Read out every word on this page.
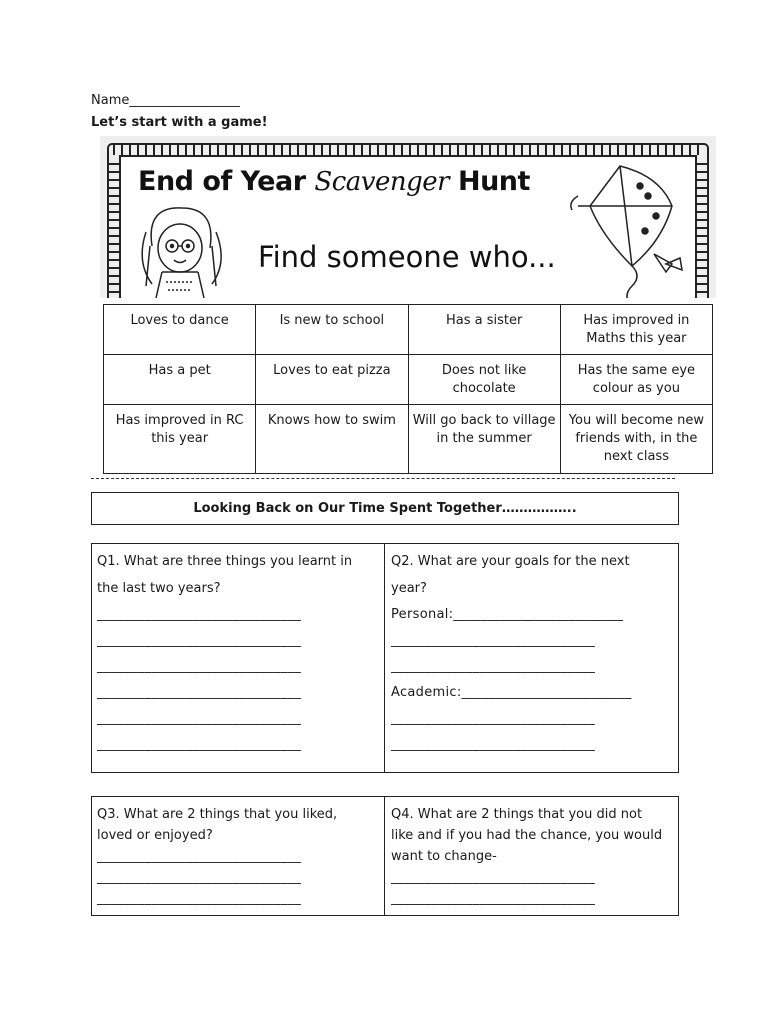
Name_________________
Let’s start with a game!
End of Year Scavenger Hunt
Find someone who...
Loves to dance	Is new to school	Has a sister	Has improved in Maths this year
Has a pet	Loves to eat pizza	Does not like chocolate	Has the same eye colour as you
Has improved in RC this year	Knows how to swim	Will go back to village in the summer	You will become new friends with, in the next class
Looking Back on Our Time Spent Together……………..
Q1. What are three things you learnt in
the last two years?
______________________________
______________________________
______________________________
______________________________
______________________________
______________________________
Q2. What are your goals for the next
year?
Personal:_________________________
______________________________
______________________________
Academic:_________________________
______________________________
______________________________
Q3. What are 2 things that you liked,
loved or enjoyed?
______________________________
______________________________
______________________________
Q4. What are 2 things that you did not
like and if you had the chance, you would
want to change-
______________________________
______________________________
